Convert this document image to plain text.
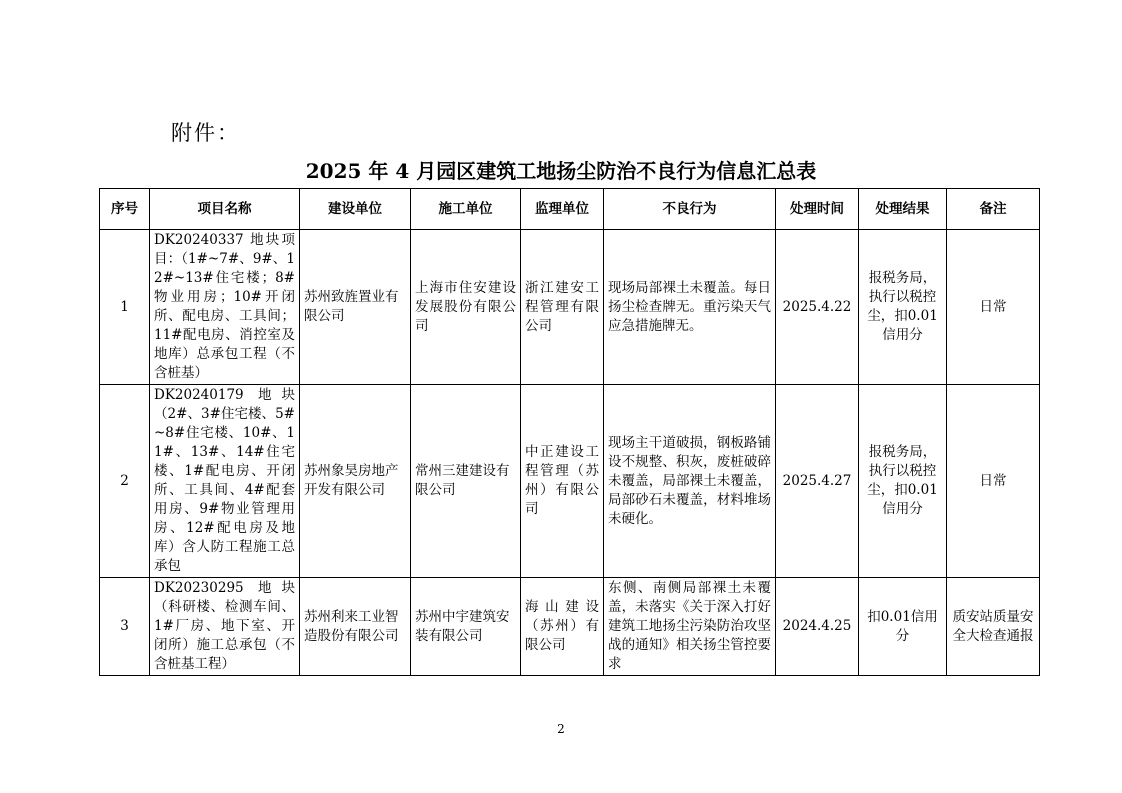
附件：
2025 年 4 月园区建筑工地扬尘防治不良行为信息汇总表
序号	项目名称	建设单位	施工单位	监理单位	不良行为	处理时间	处理结果	备注
1	DK20240337 地块项目：（1#~7#、9#、12#~13#住宅楼；8#物业用房；10#开闭所、配电房、工具间；11#配电房、消控室及地库）总承包工程（不含桩基）	苏州致旌置业有限公司	上海市住安建设发展股份有限公司	浙江建安工程管理有限公司	现场局部裸土未覆盖。每日扬尘检查牌无。重污染天气应急措施牌无。	2025.4.22	报税务局，执行以税控尘，扣0.01信用分	日常
2	DK20240179 地块（2#、3#住宅楼、5#~8#住宅楼、10#、11#、13#、14#住宅楼、1#配电房、开闭所、工具间、4#配套用房、9#物业管理用房、12#配电房及地库）含人防工程施工总承包	苏州象昊房地产开发有限公司	常州三建建设有限公司	中正建设工程管理（苏州）有限公司	现场主干道破损，钢板路铺设不规整、积灰，废桩破碎未覆盖，局部裸土未覆盖，局部砂石未覆盖，材料堆场未硬化。	2025.4.27	报税务局，执行以税控尘，扣0.01信用分	日常
3	DK20230295 地块（科研楼、检测车间、1#厂房、地下室、开闭所）施工总承包（不含桩基工程）	苏州利来工业智造股份有限公司	苏州中宇建筑安装有限公司	海山建设（苏州）有限公司	东侧、南侧局部裸土未覆盖，未落实《关于深入打好建筑工地扬尘污染防治攻坚战的通知》相关扬尘管控要求	2024.4.25	扣0.01信用分	质安站质量安全大检查通报
2
